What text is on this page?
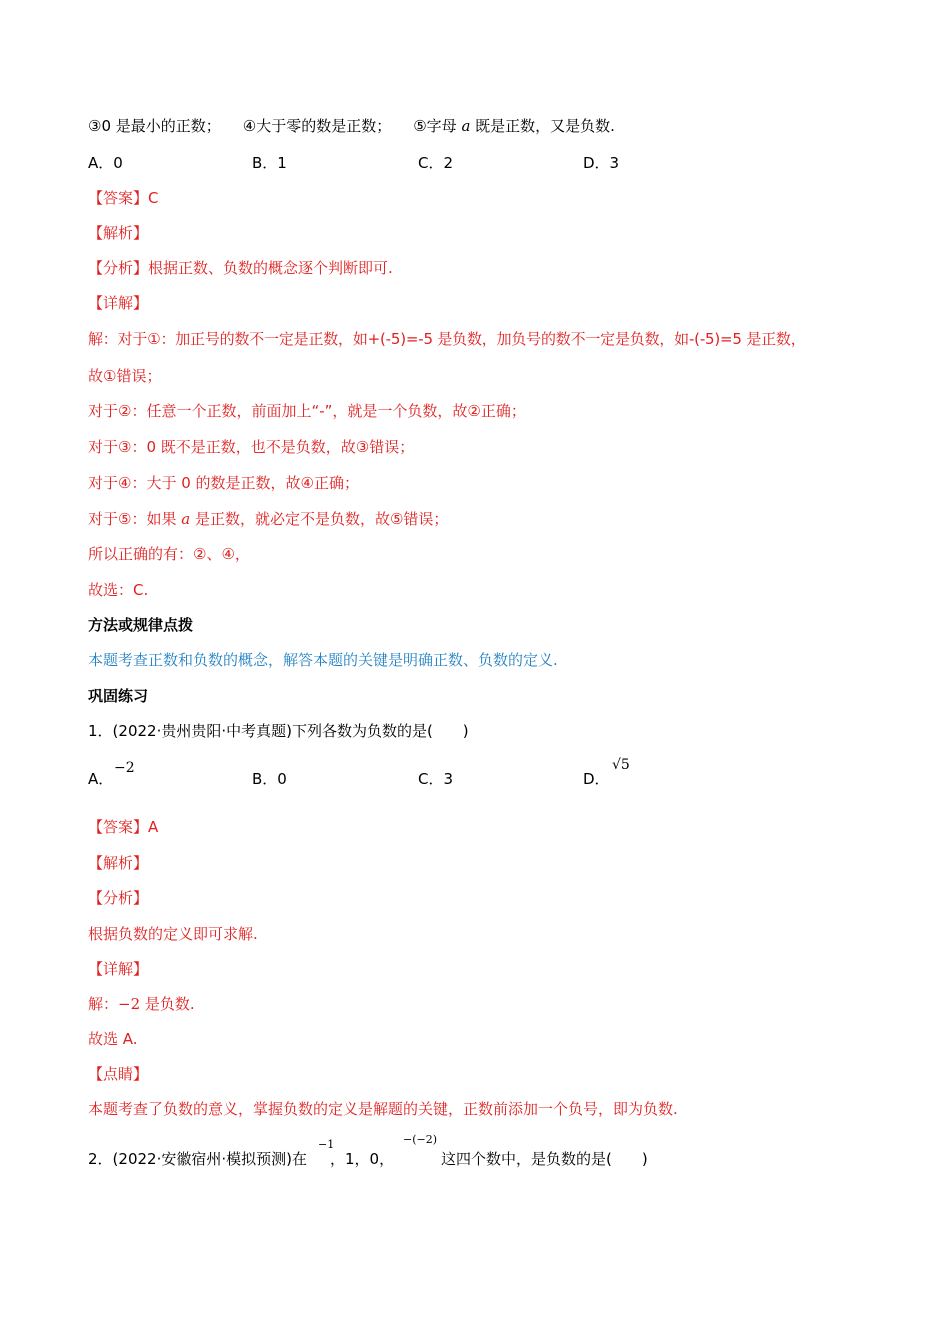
③0 是最小的正数； ④大于零的数是正数； ⑤字母 a 既是正数，又是负数.
A．0	B．1	C．2	D．3
【答案】C
【解析】
【分析】根据正数、负数的概念逐个判断即可.
【详解】
解：对于①：加正号的数不一定是正数，如+(-5)=-5 是负数，加负号的数不一定是负数，如-(-5)=5 是正数，
故①错误；
对于②：任意一个正数，前面加上“-”，就是一个负数，故②正确；
对于③：0 既不是正数，也不是负数，故③错误；
对于④：大于 0 的数是正数，故④正确；
对于⑤：如果 a 是正数，就必定不是负数，故⑤错误；
所以正确的有：②、④，
故选：C.
方法或规律点拨
本题考查正数和负数的概念，解答本题的关键是明确正数、负数的定义.
巩固练习
1．(2022·贵州贵阳·中考真题)下列各数为负数的是(　　)
A．
−2
B．0	C．3	D．
√5
【答案】A
【解析】
【分析】
根据负数的定义即可求解.
【详解】
解：−2 是负数.
故选 A.
【点睛】
本题考查了负数的意义，掌握负数的定义是解题的关键，正数前添加一个负号，即为负数.
2．(2022·安徽宿州·模拟预测)在
−1
，1，0，
−(−2)
这四个数中，是负数的是(　　)
